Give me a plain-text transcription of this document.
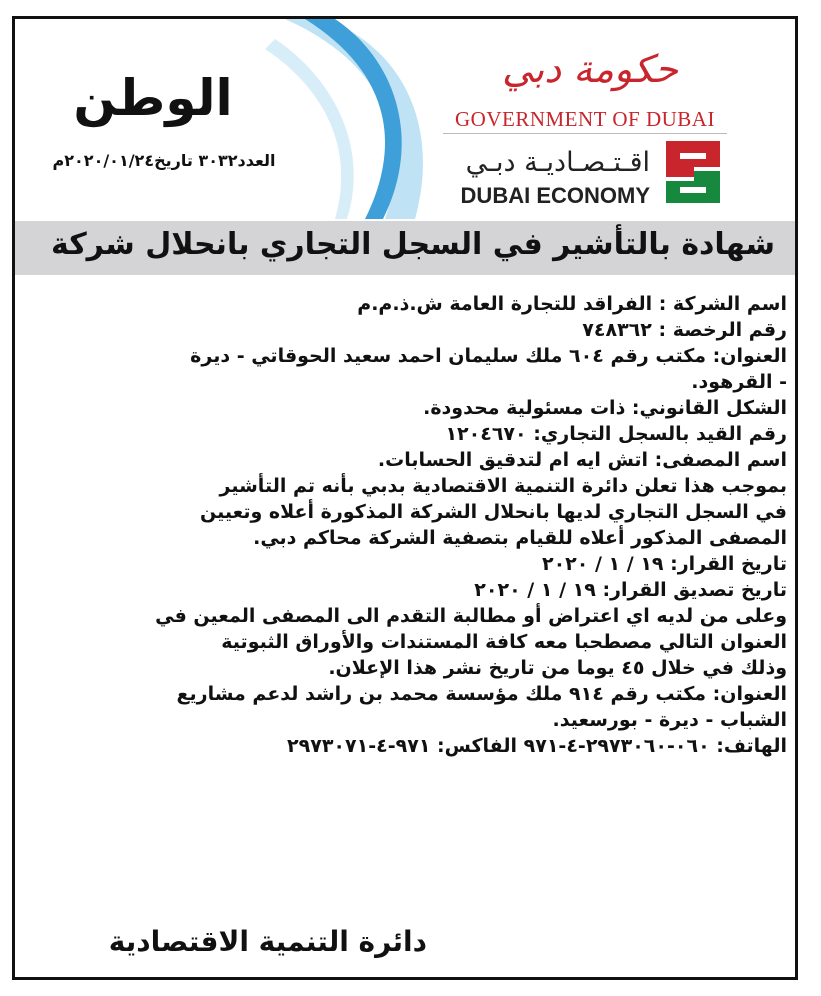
الوطن
العدد٣٠٣٢ تاريخ٢٠٢٠/٠١/٢٤م
حكومة دبي
GOVERNMENT OF DUBAI
اقـتـصـاديـة دبـي
DUBAI ECONOMY
شهادة بالتأشير في السجل التجاري بانحلال شركة
اسم الشركة : الفراقد للتجارة العامة ش.ذ.م.م
رقم الرخصة : ٧٤٨٣٦٢
العنوان: مكتب رقم ٦٠٤ ملك سليمان احمد سعيد الحوقاتي - ديرة
- القرهود.
الشكل القانوني: ذات مسئولية محدودة.
رقم القيد بالسجل التجاري: ١٢٠٤٦٧٠
اسم المصفى: اتش ايه ام لتدقيق الحسابات.
بموجب هذا تعلن دائرة التنمية الاقتصادية بدبي بأنه تم التأشير
في السجل التجاري لديها بانحلال الشركة المذكورة أعلاه وتعيين
المصفى المذكور أعلاه للقيام بتصفية الشركة محاكم دبي.
تاريخ القرار: ١٩ / ١ / ٢٠٢٠
تاريخ تصديق القرار: ١٩ / ١ / ٢٠٢٠
وعلى من لديه اي اعتراض أو مطالبة التقدم الى المصفى المعين في
العنوان التالي مصطحبا معه كافة المستندات والأوراق الثبوتية
وذلك في خلال ٤٥ يوما من تاريخ نشر هذا الإعلان.
العنوان: مكتب رقم ٩١٤ ملك مؤسسة محمد بن راشد لدعم مشاريع
الشباب - ديرة - بورسعيد.
الهاتف: ٠٦٠-٢٩٧٣٠٦٠-٤-٩٧١ الفاكس: ٩٧١-٤-٢٩٧٣٠٧١
دائرة التنمية الاقتصادية
